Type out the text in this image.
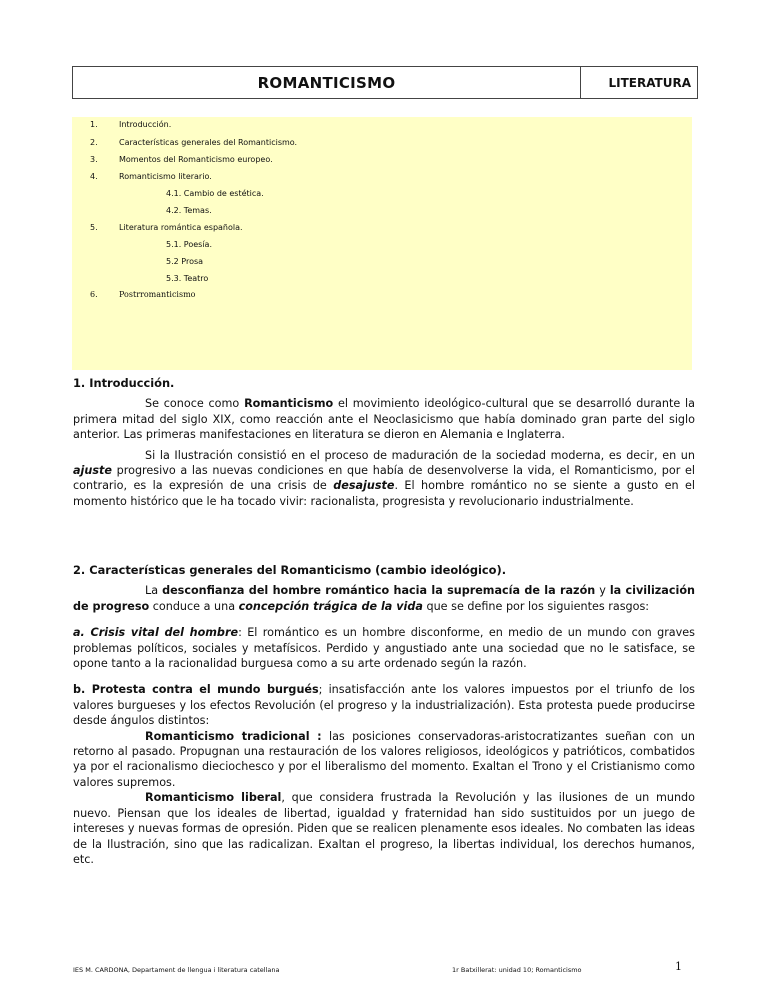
ROMANTICISMO	LITERATURA
1.	Introducción.
2.	Características generales del Romanticismo.
3.	Momentos del Romanticismo europeo.
4.	Romanticismo literario.
4.1. Cambio de estética.
4.2. Temas.
5.	Literatura romántica española.
5.1. Poesía.
5.2 Prosa
5.3. Teatro
6.	Postrromanticismo
1. Introducción.

Se conoce como Romanticismo el movimiento ideológico-cultural que se desarrolló durante la primera mitad del siglo XIX, como reacción ante el Neoclasicismo que había dominado gran parte del siglo anterior. Las primeras manifestaciones en literatura se dieron en Alemania e Inglaterra.

Si la Ilustración consistió en el proceso de maduración de la sociedad moderna, es decir, en un ajuste progresivo a las nuevas condiciones en que había de desenvolverse la vida, el Romanticismo, por el contrario, es la expresión de una crisis de desajuste. El hombre romántico no se siente a gusto en el momento histórico que le ha tocado vivir: racionalista, progresista y revolucionario industrialmente.

2. Características generales del Romanticismo (cambio ideológico).

La desconfianza del hombre romántico hacia la supremacía de la razón y la civilización de progreso conduce a una concepción trágica de la vida que se define por los siguientes rasgos:

a. Crisis vital del hombre: El romántico es un hombre disconforme, en medio de un mundo con graves problemas políticos, sociales y metafísicos. Perdido y angustiado ante una sociedad que no le satisface, se opone tanto a la racionalidad burguesa como a su arte ordenado según la razón.

b. Protesta contra el mundo burgués; insatisfacción ante los valores impuestos por el triunfo de los valores burgueses y los efectos Revolución (el progreso y la industrialización). Esta protesta puede producirse desde ángulos distintos:

Romanticismo tradicional : las posiciones conservadoras-aristocratizantes sueñan con un retorno al pasado. Propugnan una restauración de los valores religiosos, ideológicos y patrióticos, combatidos ya por el racionalismo dieciochesco y por el liberalismo del momento. Exaltan el Trono y el Cristianismo como valores supremos.

Romanticismo liberal, que considera frustrada la Revolución y las ilusiones de un mundo nuevo. Piensan que los ideales de libertad, igualdad y fraternidad han sido sustituidos por un juego de intereses y nuevas formas de opresión. Piden que se realicen plenamente esos ideales. No combaten las ideas de la Ilustración, sino que las radicalizan. Exaltan el progreso, la libertas individual, los derechos humanos, etc.

IES M. CARDONA, Departament de llengua i literatura catellana	1r Batxillerat: unidad 10; Romanticismo	1
